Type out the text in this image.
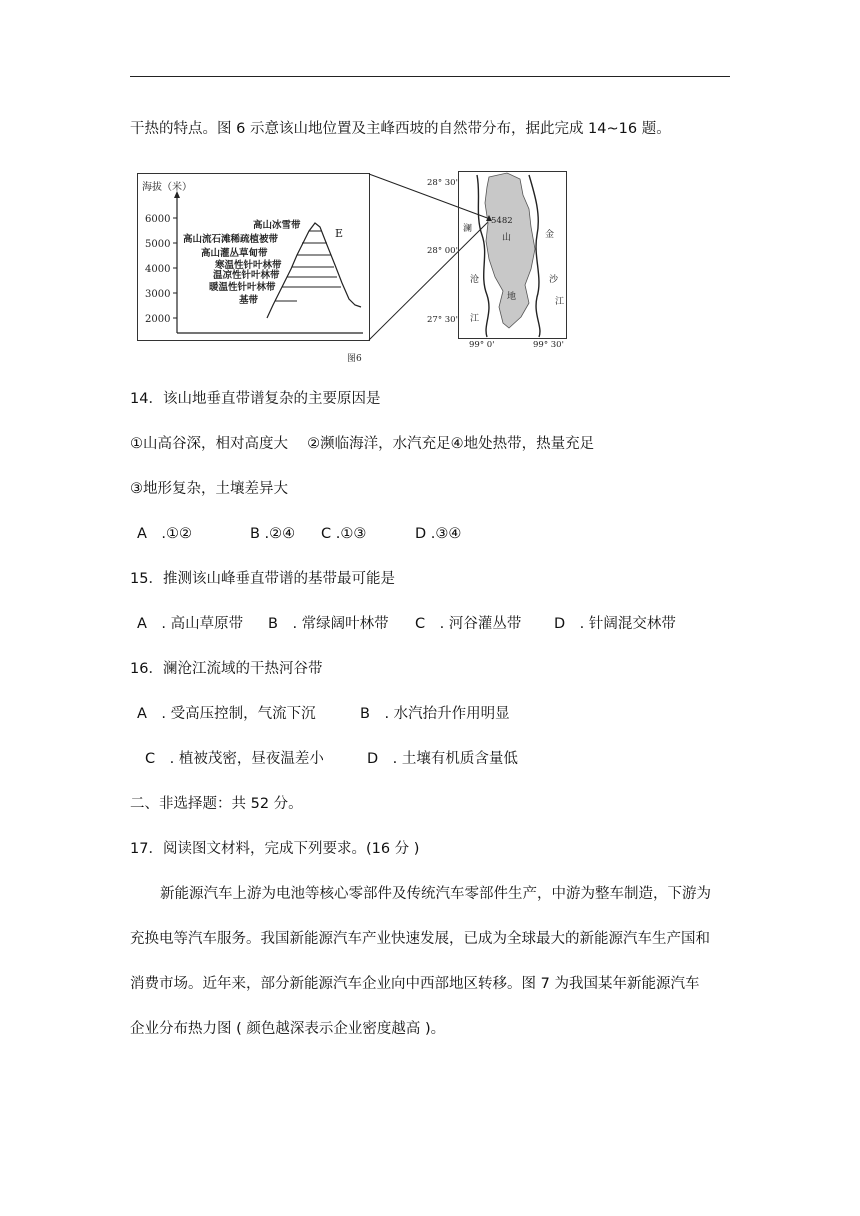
干热的特点。图 6 示意该山地位置及主峰西坡的自然带分布，据此完成 14~16 题。
海拔（米）
6000
5000
4000
3000
2000
E
高山冰雪带
高山流石滩稀疏植被带
高山灌丛草甸带
寒温性针叶林带
温凉性针叶林带
暖温性针叶林带
基带
5482
28° 30'
28° 00'
27° 30'
99° 0'	99° 30'
山
地
澜
沧
江
金
沙
江
图6
14．该山地垂直带谱复杂的主要原因是
①山高谷深，相对高度大　 ②濒临海洋，水汽充足④地处热带，热量充足
③地形复杂，土壤差异大
A　.①②	B .②④ C .①③	D .③④
15．推测该山峰垂直带谱的基带最可能是
A　. 高山草原带 B　. 常绿阔叶林带 C　. 河谷灌丛带 D　. 针阔混交林带
16．澜沧江流域的干热河谷带
A　. 受高压控制，气流下沉	B　. 水汽抬升作用明显
C　. 植被茂密，昼夜温差小	D　. 土壤有机质含量低
二、非选择题：共 52 分。
17．阅读图文材料，完成下列要求。(16 分 )
新能源汽车上游为电池等核心零部件及传统汽车零部件生产，中游为整车制造，下游为
充换电等汽车服务。我国新能源汽车产业快速发展，已成为全球最大的新能源汽车生产国和
消费市场。近年来，部分新能源汽车企业向中西部地区转移。图 7 为我国某年新能源汽车
企业分布热力图 ( 颜色越深表示企业密度越高 )。
